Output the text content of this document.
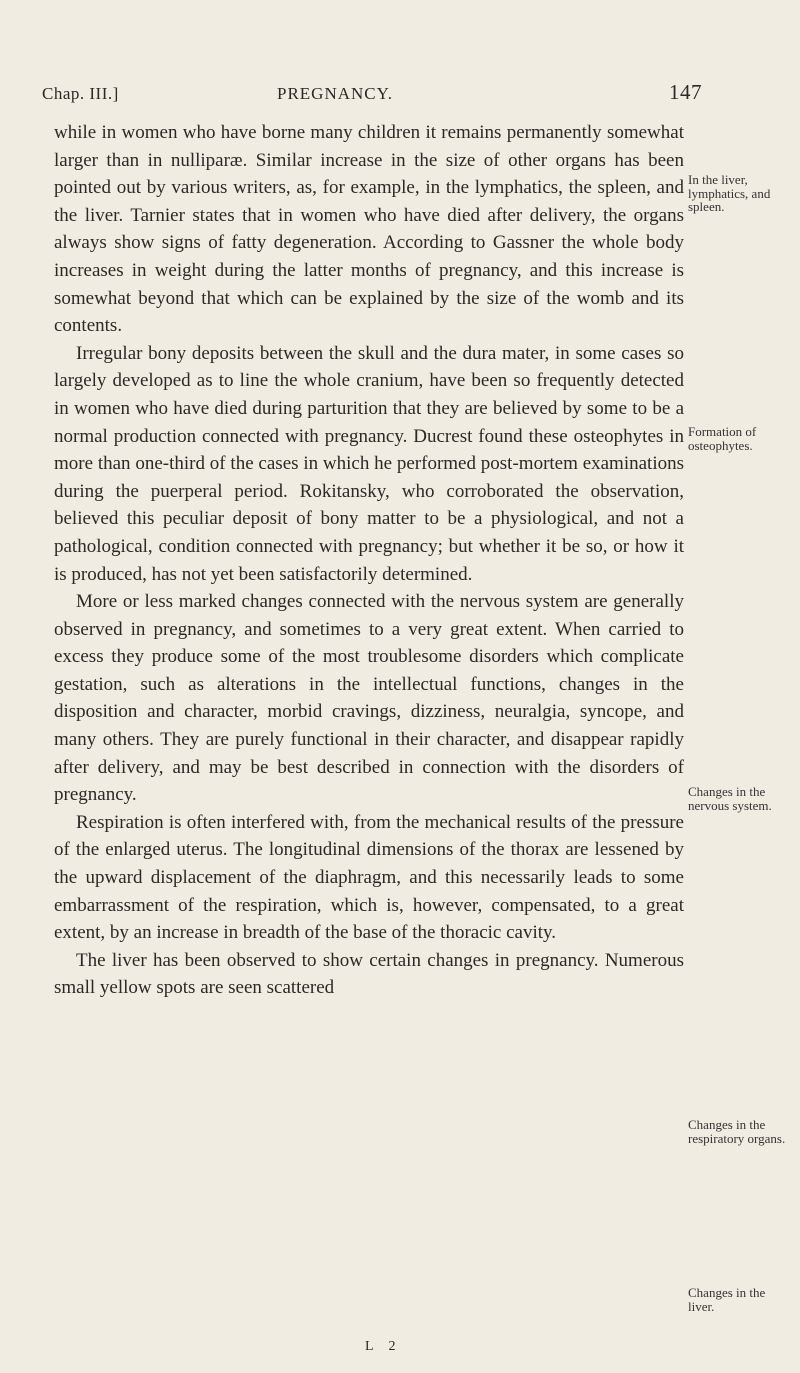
Chap. III.]	PREGNANCY.	147

while in women who have borne many children it remains permanently somewhat larger than in nulliparæ. Similar increase in the size of other organs has been pointed out by various writers, as, for example, in the lymphatics, the spleen, and the liver. Tarnier states that in women who have died after delivery, the organs always show signs of fatty degeneration. According to Gassner the whole body increases in weight during the latter months of pregnancy, and this increase is somewhat beyond that which can be explained by the size of the womb and its contents.

Irregular bony deposits between the skull and the dura mater, in some cases so largely developed as to line the whole cranium, have been so frequently detected in women who have died during parturition that they are believed by some to be a normal production connected with pregnancy. Ducrest found these osteophytes in more than one-third of the cases in which he performed post-mortem examinations during the puerperal period. Rokitansky, who corroborated the observation, believed this peculiar deposit of bony matter to be a physiological, and not a pathological, condition connected with pregnancy; but whether it be so, or how it is produced, has not yet been satisfactorily determined.

More or less marked changes connected with the nervous system are generally observed in pregnancy, and sometimes to a very great extent. When carried to excess they produce some of the most troublesome disorders which complicate gestation, such as alterations in the intellectual functions, changes in the disposition and character, morbid cravings, dizziness, neuralgia, syncope, and many others. They are purely functional in their character, and disappear rapidly after delivery, and may be best described in connection with the disorders of pregnancy.

Respiration is often interfered with, from the mechanical results of the pressure of the enlarged uterus. The longitudinal dimensions of the thorax are lessened by the upward displacement of the diaphragm, and this necessarily leads to some embarrassment of the respiration, which is, however, compensated, to a great extent, by an increase in breadth of the base of the thoracic cavity.

The liver has been observed to show certain changes in pregnancy. Numerous small yellow spots are seen scattered

In the liver, lymphatics, and spleen.
Formation of osteophytes.
Changes in the nervous system.
Changes in the respiratory organs.
Changes in the liver.
L 2
